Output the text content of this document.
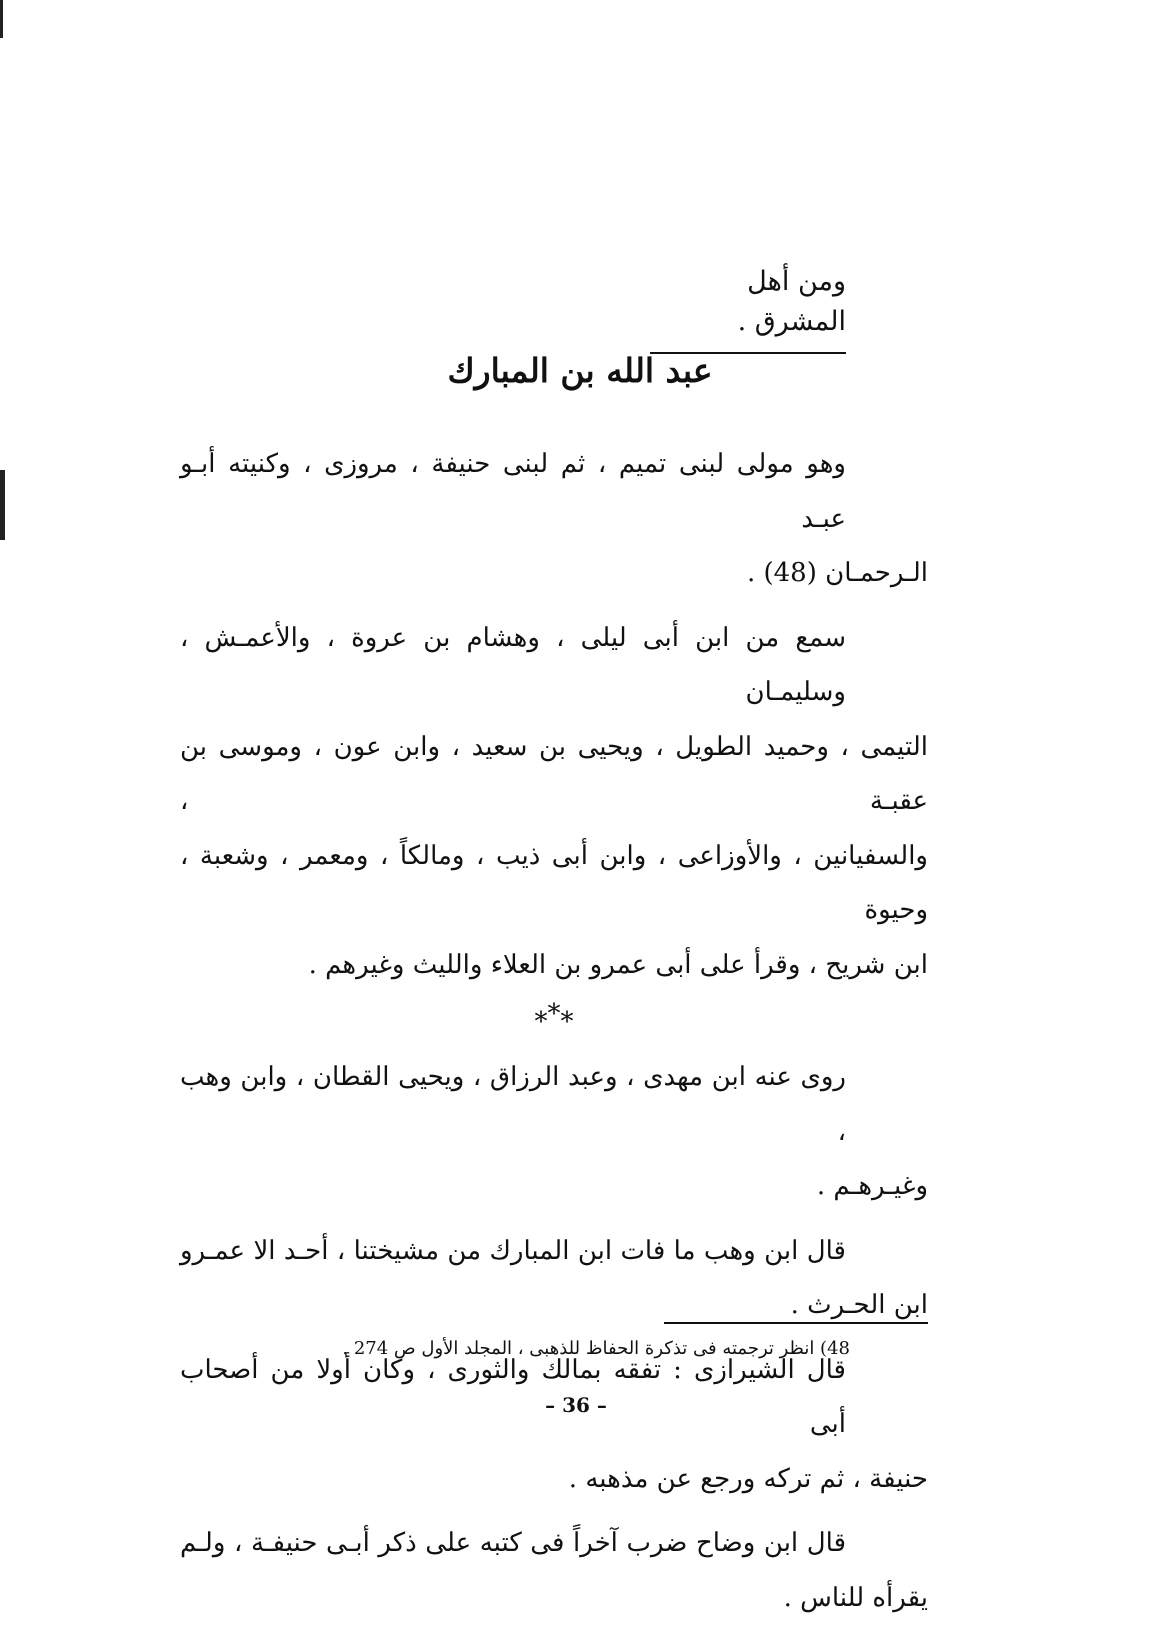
ومن أهل المشرق .
عبد الله بن المبارك

وهو مولى لبنى تميم ، ثم لبنى حنيفة ، مروزى ، وكنيته أبـو عبـد
الـرحمـان (48) .

سمع من ابن أبى ليلى ، وهشام بن عروة ، والأعمـش ، وسليمـان
التيمى ، وحميد الطويل ، ويحيى بن سعيد ، وابن عون ، وموسى بن عقبـة ،
والسفيانين ، والأوزاعى ، وابن أبى ذيب ، ومالكاً ، ومعمر ، وشعبة ، وحيوة
ابن شريح ، وقرأ على أبى عمرو بن العلاء والليث وغيرهم .

***

روى عنه ابن مهدى ، وعبد الرزاق ، ويحيى القطان ، وابن وهب ،
وغيـرهـم .

قال ابن وهب ما فات ابن المبارك من مشيختنا ، أحـد الا عمـرو
ابن الحـرث .

قال الشيرازى : تفقه بمالك والثورى ، وكان أولا من أصحاب أبى
حنيفة ، ثم تركه ورجع عن مذهبه .

قال ابن وضاح ضرب آخراً فى كتبه على ذكر أبـى حنيفـة ، ولـم
يقرأه للناس .

48) انظر ترجمته فى تذكرة الحفاظ للذهبى ، المجلد الأول ص 274 .
– 36 –
